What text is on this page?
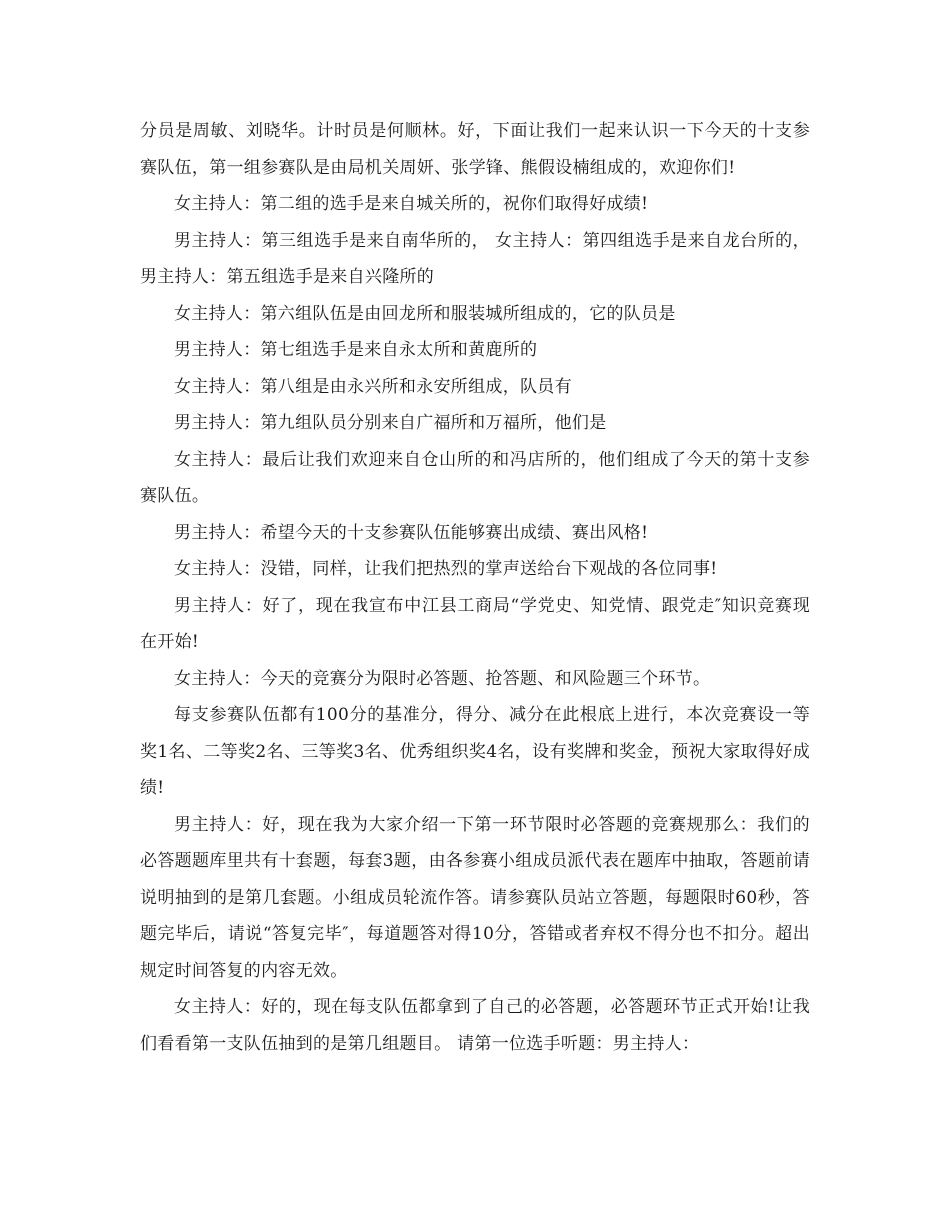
分员是周敏、刘晓华。计时员是何顺林。好，下面让我们一起来认识一下今天的十支参赛队伍，第一组参赛队是由局机关周妍、张学锋、熊假设楠组成的，欢迎你们!

女主持人：第二组的选手是来自城关所的，祝你们取得好成绩!

男主持人：第三组选手是来自南华所的， 女主持人：第四组选手是来自龙台所的，男主持人：第五组选手是来自兴隆所的

女主持人：第六组队伍是由回龙所和服装城所组成的，它的队员是

男主持人：第七组选手是来自永太所和黄鹿所的

女主持人：第八组是由永兴所和永安所组成，队员有

男主持人：第九组队员分别来自广福所和万福所，他们是

女主持人：最后让我们欢迎来自仓山所的和冯店所的，他们组成了今天的第十支参赛队伍。

男主持人：希望今天的十支参赛队伍能够赛出成绩、赛出风格!

女主持人：没错，同样，让我们把热烈的掌声送给台下观战的各位同事!

男主持人：好了，现在我宣布中江县工商局“学党史、知党情、跟党走″知识竞赛现在开始!

女主持人：今天的竞赛分为限时必答题、抢答题、和风险题三个环节。

每支参赛队伍都有100分的基准分，得分、减分在此根底上进行，本次竞赛设一等奖1名、二等奖2名、三等奖3名、优秀组织奖4名，设有奖牌和奖金，预祝大家取得好成绩!

男主持人：好，现在我为大家介绍一下第一环节限时必答题的竞赛规那么：我们的必答题题库里共有十套题，每套3题，由各参赛小组成员派代表在题库中抽取，答题前请说明抽到的是第几套题。小组成员轮流作答。请参赛队员站立答题，每题限时60秒，答题完毕后，请说“答复完毕″，每道题答对得10分，答错或者弃权不得分也不扣分。超出规定时间答复的内容无效。

女主持人：好的，现在每支队伍都拿到了自己的必答题，必答题环节正式开始!让我们看看第一支队伍抽到的是第几组题目。 请第一位选手听题：男主持人：
